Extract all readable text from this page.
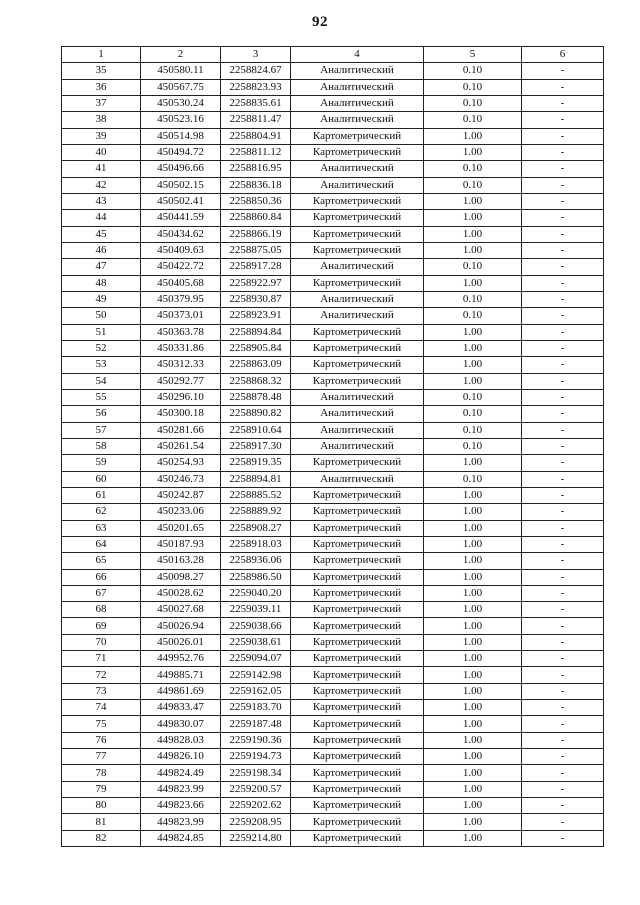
92
1	2	3	4	5	6
35	450580.11	2258824.67	Аналитический	0.10	-
36	450567.75	2258823.93	Аналитический	0.10	-
37	450530.24	2258835.61	Аналитический	0.10	-
38	450523.16	2258811.47	Аналитический	0.10	-
39	450514.98	2258804.91	Картометрический	1.00	-
40	450494.72	2258811.12	Картометрический	1.00	-
41	450496.66	2258816.95	Аналитический	0.10	-
42	450502.15	2258836.18	Аналитический	0.10	-
43	450502.41	2258850.36	Картометрический	1.00	-
44	450441.59	2258860.84	Картометрический	1.00	-
45	450434.62	2258866.19	Картометрический	1.00	-
46	450409.63	2258875.05	Картометрический	1.00	-
47	450422.72	2258917.28	Аналитический	0.10	-
48	450405.68	2258922.97	Картометрический	1.00	-
49	450379.95	2258930.87	Аналитический	0.10	-
50	450373.01	2258923.91	Аналитический	0.10	-
51	450363.78	2258894.84	Картометрический	1.00	-
52	450331.86	2258905.84	Картометрический	1.00	-
53	450312.33	2258863.09	Картометрический	1.00	-
54	450292.77	2258868.32	Картометрический	1.00	-
55	450296.10	2258878.48	Аналитический	0.10	-
56	450300.18	2258890.82	Аналитический	0.10	-
57	450281.66	2258910.64	Аналитический	0.10	-
58	450261.54	2258917.30	Аналитический	0.10	-
59	450254.93	2258919.35	Картометрический	1.00	-
60	450246.73	2258894.81	Аналитический	0.10	-
61	450242.87	2258885.52	Картометрический	1.00	-
62	450233.06	2258889.92	Картометрический	1.00	-
63	450201.65	2258908.27	Картометрический	1.00	-
64	450187.93	2258918.03	Картометрический	1.00	-
65	450163.28	2258936.06	Картометрический	1.00	-
66	450098.27	2258986.50	Картометрический	1.00	-
67	450028.62	2259040.20	Картометрический	1.00	-
68	450027.68	2259039.11	Картометрический	1.00	-
69	450026.94	2259038.66	Картометрический	1.00	-
70	450026.01	2259038.61	Картометрический	1.00	-
71	449952.76	2259094.07	Картометрический	1.00	-
72	449885.71	2259142.98	Картометрический	1.00	-
73	449861.69	2259162.05	Картометрический	1.00	-
74	449833.47	2259183.70	Картометрический	1.00	-
75	449830.07	2259187.48	Картометрический	1.00	-
76	449828.03	2259190.36	Картометрический	1.00	-
77	449826.10	2259194.73	Картометрический	1.00	-
78	449824.49	2259198.34	Картометрический	1.00	-
79	449823.99	2259200.57	Картометрический	1.00	-
80	449823.66	2259202.62	Картометрический	1.00	-
81	449823.99	2259208.95	Картометрический	1.00	-
82	449824.85	2259214.80	Картометрический	1.00	-
